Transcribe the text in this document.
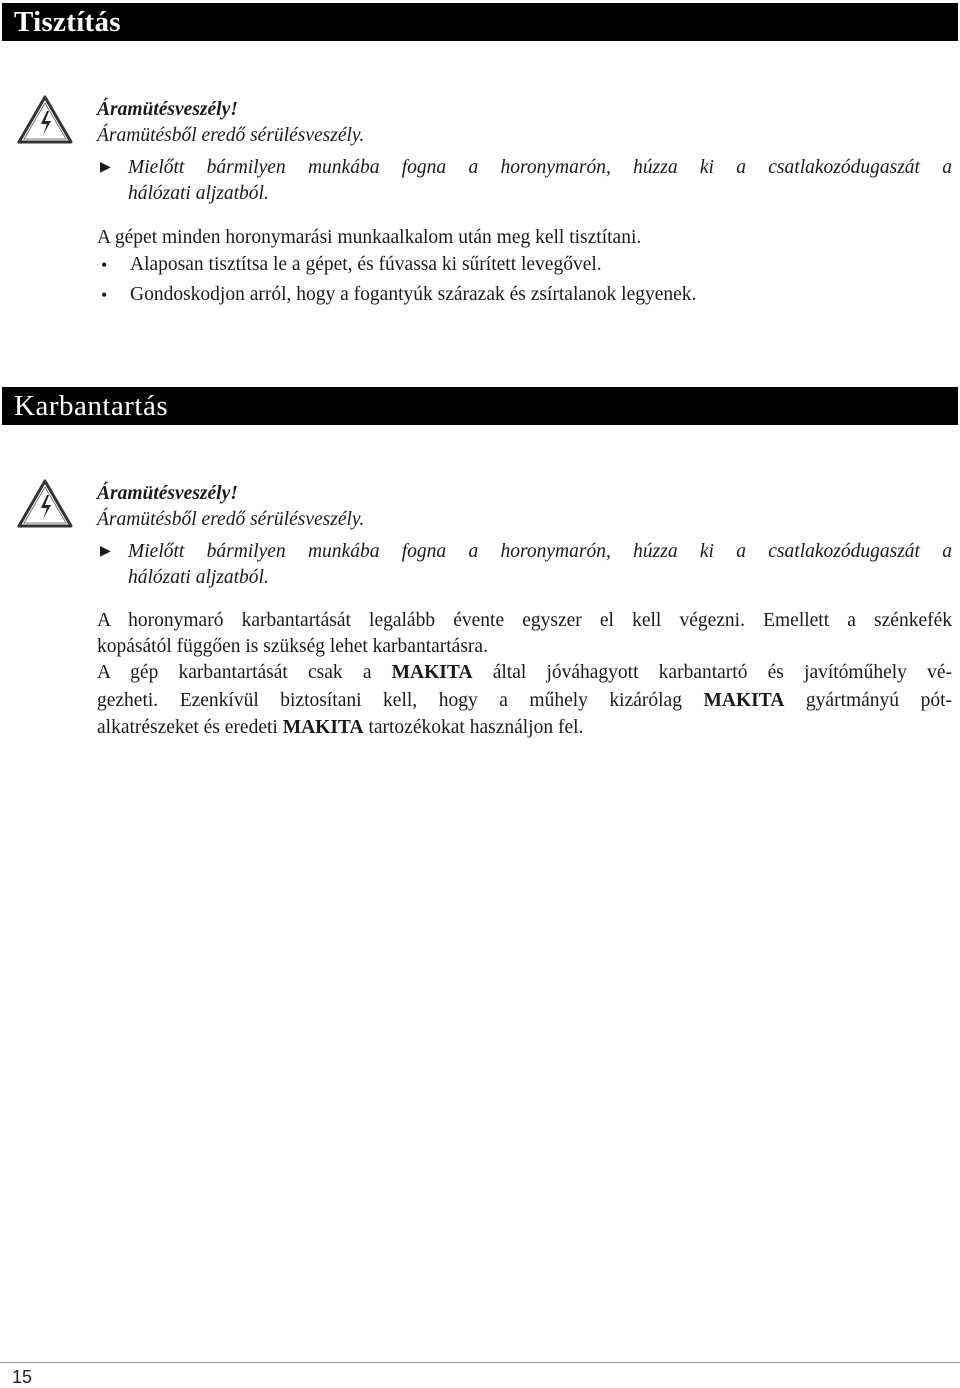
Tisztítás
Áramütésveszély!
Áramütésből eredő sérülésveszély.
▶ Mielőtt bármilyen munkába fogna a horonymarón, húzza ki a csatlakozódugaszát a
hálózati aljzatból.
A gépet minden horonymarási munkaalkalom után meg kell tisztítani.
• Alaposan tisztítsa le a gépet, és fúvassa ki sűrített levegővel.
• Gondoskodjon arról, hogy a fogantyúk szárazak és zsírtalanok legyenek.
Karbantartás
Áramütésveszély!
Áramütésből eredő sérülésveszély.
▶ Mielőtt bármilyen munkába fogna a horonymarón, húzza ki a csatlakozódugaszát a
hálózati aljzatból.
A horonymaró karbantartását legalább évente egyszer el kell végezni. Emellett a szénkefék
kopásától függően is szükség lehet karbantartásra.
A gép karbantartását csak a MAKITA által jóváhagyott karbantartó és javítóműhely vé-
gezheti. Ezenkívül biztosítani kell, hogy a műhely kizárólag MAKITA gyártmányú pót-
alkatrészeket és eredeti MAKITA tartozékokat használjon fel.
15
